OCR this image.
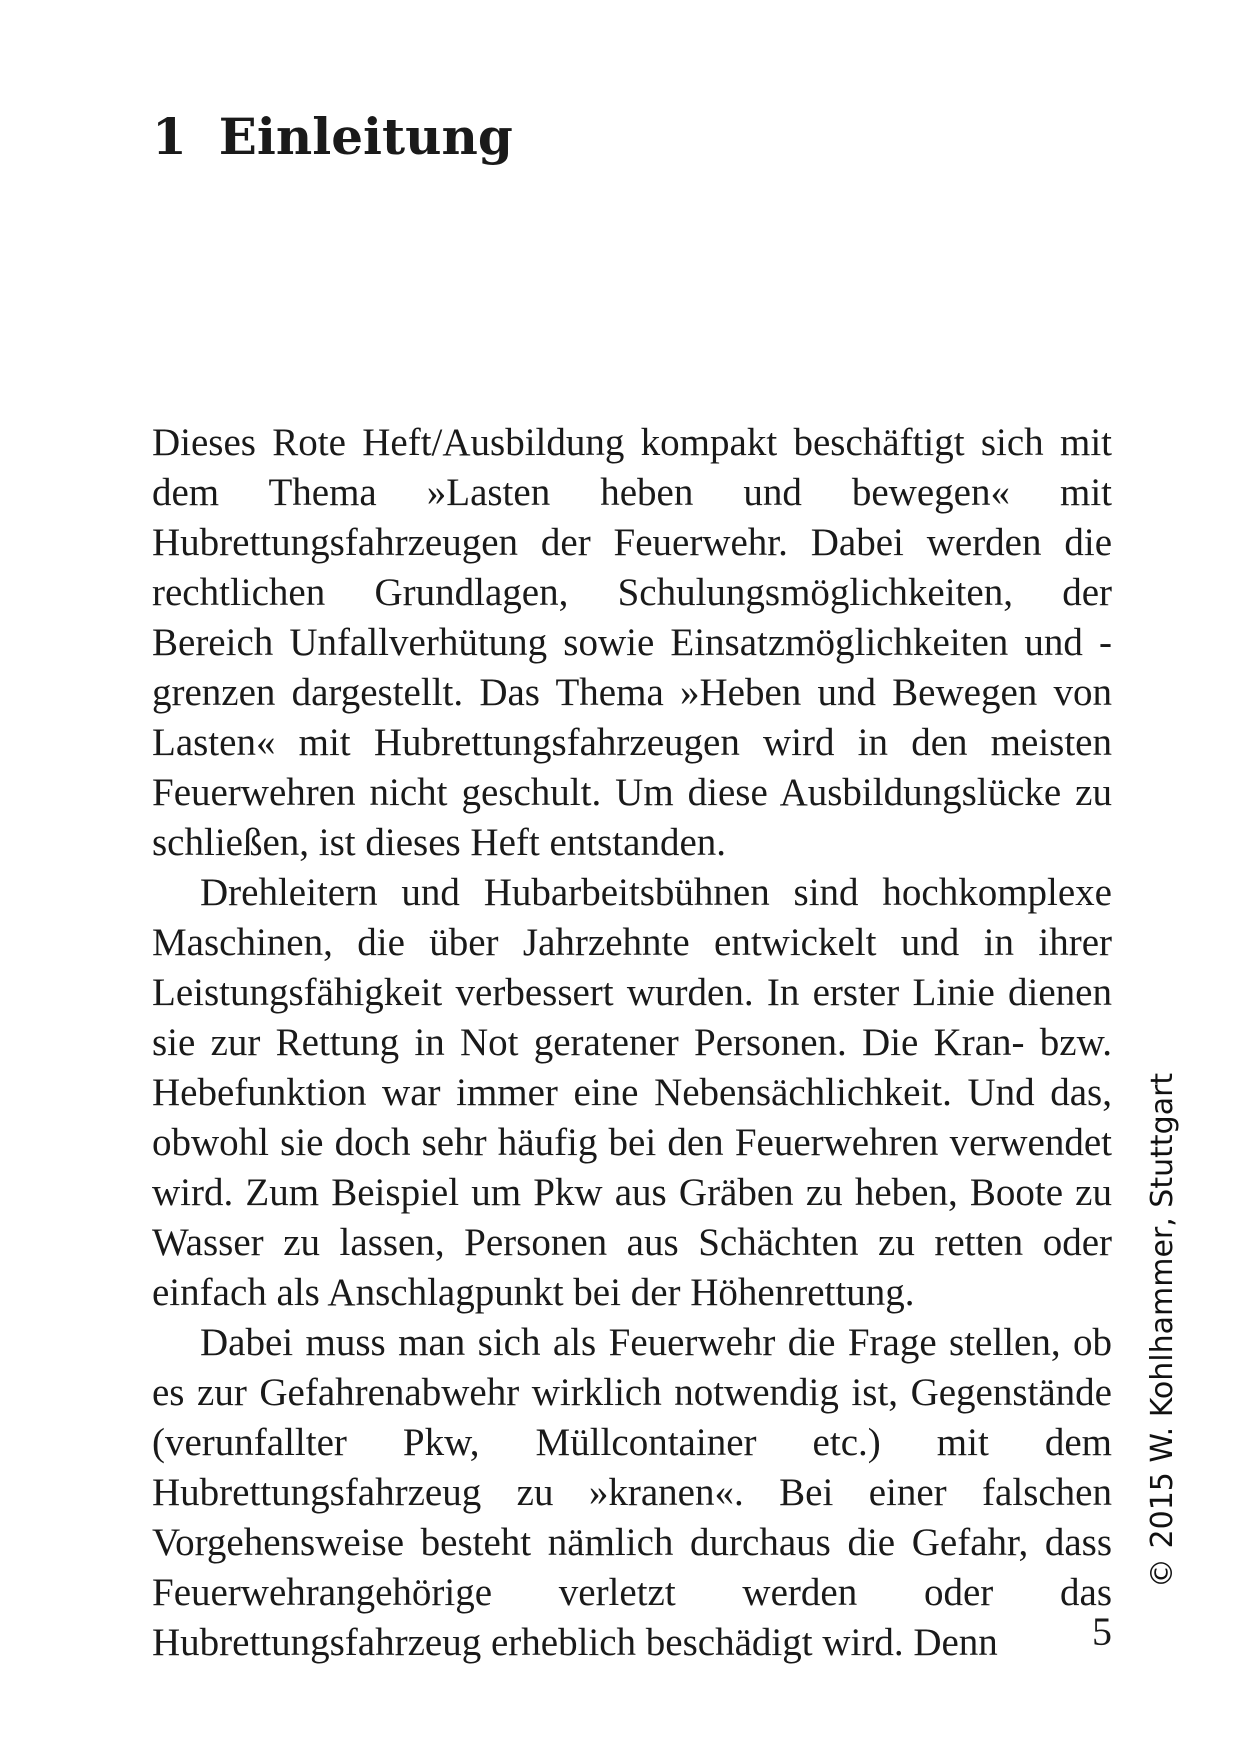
1 Einleitung

Dieses Rote Heft/Ausbildung kompakt beschäftigt sich mit dem Thema »Lasten heben und bewegen« mit Hubrettungsfahrzeugen der Feuerwehr. Dabei werden die rechtlichen Grundlagen, Schulungsmöglichkeiten, der Bereich Unfallverhütung sowie Einsatzmöglichkeiten und -grenzen dargestellt. Das Thema »Heben und Bewegen von Lasten« mit Hubrettungsfahrzeugen wird in den meisten Feuerwehren nicht geschult. Um diese Ausbildungslücke zu schließen, ist dieses Heft entstanden.

Drehleitern und Hubarbeitsbühnen sind hochkomplexe Maschinen, die über Jahrzehnte entwickelt und in ihrer Leistungsfähigkeit verbessert wurden. In erster Linie dienen sie zur Rettung in Not geratener Personen. Die Kran- bzw. Hebefunktion war immer eine Nebensächlichkeit. Und das, obwohl sie doch sehr häufig bei den Feuerwehren verwendet wird. Zum Beispiel um Pkw aus Gräben zu heben, Boote zu Wasser zu lassen, Personen aus Schächten zu retten oder einfach als Anschlagpunkt bei der Höhenrettung.

Dabei muss man sich als Feuerwehr die Frage stellen, ob es zur Gefahrenabwehr wirklich notwendig ist, Gegenstände (verunfallter Pkw, Müllcontainer etc.) mit dem Hubrettungsfahrzeug zu »kranen«. Bei einer falschen Vorgehensweise besteht nämlich durchaus die Gefahr, dass Feuerwehrangehörige verletzt werden oder das Hubrettungsfahrzeug erheblich beschädigt wird. Denn

© 2015 W. Kohlhammer, Stuttgart
5
